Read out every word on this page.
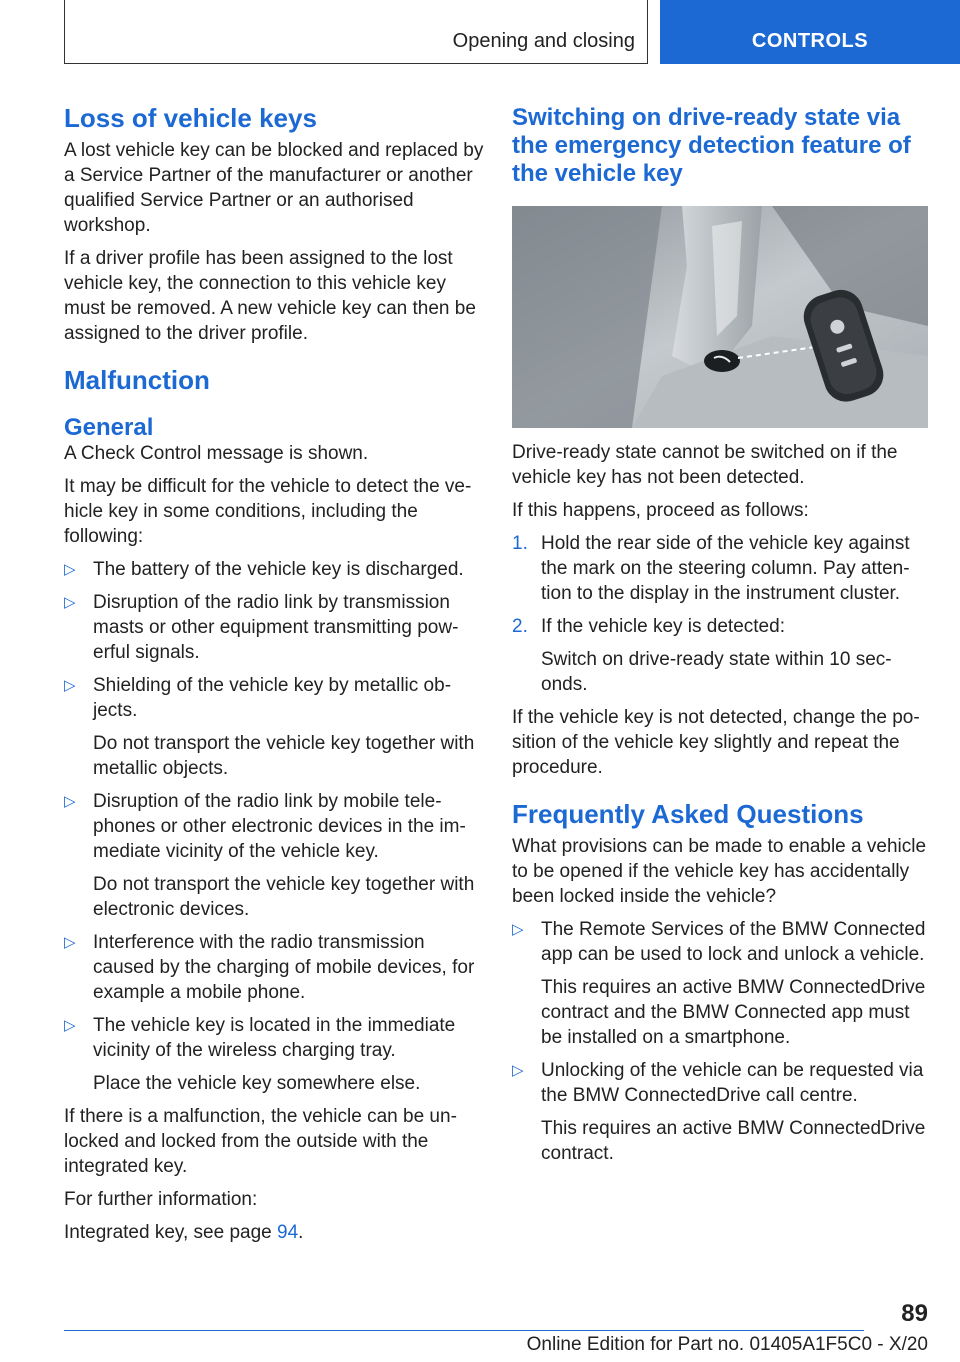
Opening and closing	CONTROLS
Loss of vehicle keys

A lost vehicle key can be blocked and replaced by a Service Partner of the manufacturer or another qualified Service Partner or an authorised workshop.

If a driver profile has been assigned to the lost vehicle key, the connection to this vehicle key must be removed. A new vehicle key can then be assigned to the driver profile.

Malfunction
General

A Check Control message is shown.

It may be difficult for the vehicle to detect the vehicle key in some conditions, including the following:

▷ The battery of the vehicle key is discharged.
▷ Disruption of the radio link by transmission masts or other equipment transmitting powerful signals.
▷ Shielding of the vehicle key by metallic objects.
Do not transport the vehicle key together with metallic objects.
▷ Disruption of the radio link by mobile telephones or other electronic devices in the immediate vicinity of the vehicle key.
Do not transport the vehicle key together with electronic devices.
▷ Interference with the radio transmission caused by the charging of mobile devices, for example a mobile phone.
▷ The vehicle key is located in the immediate vicinity of the wireless charging tray.
Place the vehicle key somewhere else.

If there is a malfunction, the vehicle can be unlocked and locked from the outside with the integrated key.

For further information:

Integrated key, see page 94.

Switching on drive-ready state via the emergency detection feature of the vehicle key

Drive-ready state cannot be switched on if the vehicle key has not been detected.

If this happens, proceed as follows:

1. Hold the rear side of the vehicle key against the mark on the steering column. Pay attention to the display in the instrument cluster.
2. If the vehicle key is detected:
Switch on drive-ready state within 10 seconds.

If the vehicle key is not detected, change the position of the vehicle key slightly and repeat the procedure.

Frequently Asked Questions

What provisions can be made to enable a vehicle to be opened if the vehicle key has accidentally been locked inside the vehicle?

▷ The Remote Services of the BMW Connected app can be used to lock and unlock a vehicle.
This requires an active BMW ConnectedDrive contract and the BMW Connected app must be installed on a smartphone.
▷ Unlocking of the vehicle can be requested via the BMW ConnectedDrive call centre.
This requires an active BMW ConnectedDrive contract.
89
Online Edition for Part no. 01405A1F5C0 - X/20
